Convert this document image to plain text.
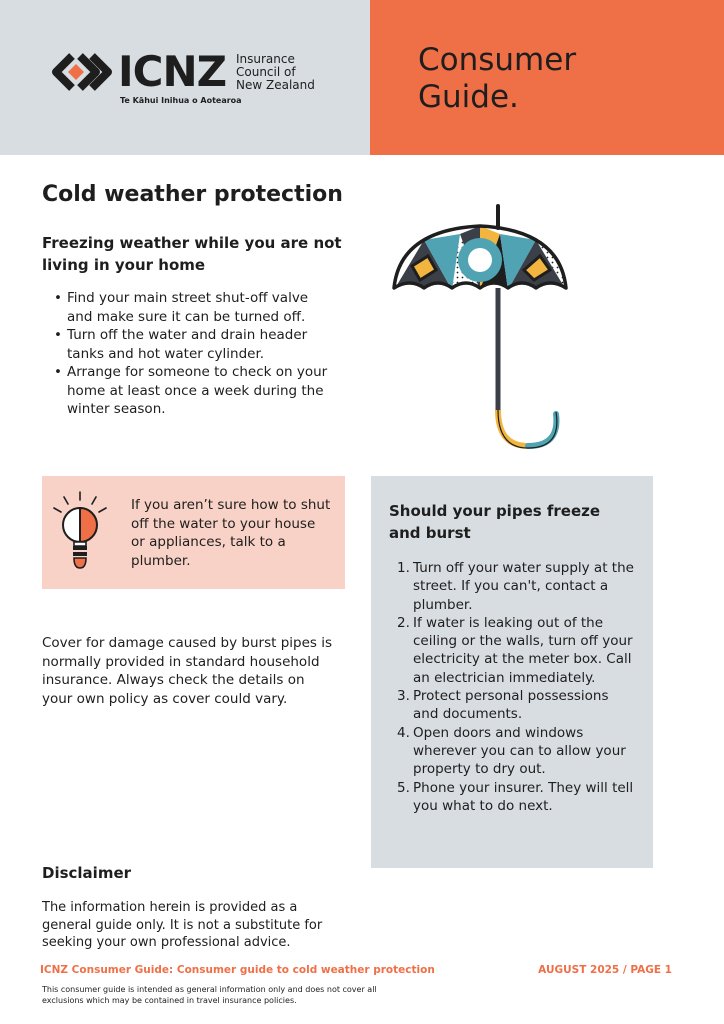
ICNZ Insurance
Council of
New Zealand
Te Kāhui Inihua o Aotearoa
Consumer
Guide.
Cold weather protection
Freezing weather while you are not living in your home
• Find your main street shut-off valve and make sure it can be turned off.
• Turn off the water and drain header tanks and hot water cylinder.
• Arrange for someone to check on your home at least once a week during the winter season.

If you aren’t sure how to shut off the water to your house or appliances, talk to a plumber.

Cover for damage caused by burst pipes is normally provided in standard household insurance. Always check the details on your own policy as cover could vary.

Should your pipes freeze and burst
1. Turn off your water supply at the street. If you can't, contact a plumber.
2. If water is leaking out of the ceiling or the walls, turn off your electricity at the meter box. Call an electrician immediately.
3. Protect personal possessions and documents.
4. Open doors and windows wherever you can to allow your property to dry out.
5. Phone your insurer. They will tell you what to do next.
Disclaimer

The information herein is provided as a general guide only. It is not a substitute for seeking your own professional advice.

ICNZ Consumer Guide: Consumer guide to cold weather protection	AUGUST 2025 / PAGE 1

This consumer guide is intended as general information only and does not cover all exclusions which may be contained in travel insurance policies.
